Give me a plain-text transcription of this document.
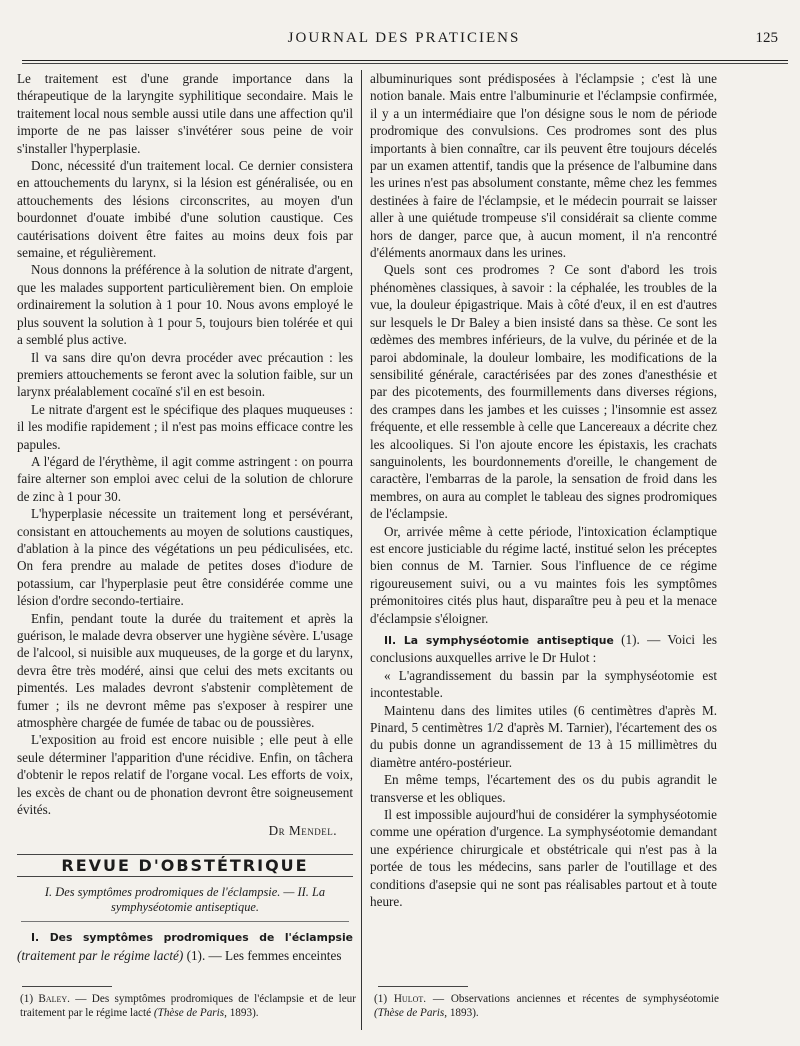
JOURNAL DES PRATICIENS	125

Le traitement est d'une grande importance dans la thérapeutique de la laryngite syphilitique secondaire. Mais le traitement local nous semble aussi utile dans une affection qu'il importe de ne pas laisser s'invétérer sous peine de voir s'installer l'hyperplasie.

Donc, nécessité d'un traitement local. Ce dernier consistera en attouchements du larynx, si la lésion est généralisée, ou en attouchements des lésions circonscrites, au moyen d'un bourdonnet d'ouate imbibé d'une solution caustique. Ces cautérisations doivent être faites au moins deux fois par semaine, et régulièrement.

Nous donnons la préférence à la solution de nitrate d'argent, que les malades supportent particulièrement bien. On emploie ordinairement la solution à 1 pour 10. Nous avons employé le plus souvent la solution à 1 pour 5, toujours bien tolérée et qui a semblé plus active.

Il va sans dire qu'on devra procéder avec précaution : les premiers attouchements se feront avec la solution faible, sur un larynx préalablement cocaïné s'il en est besoin.

Le nitrate d'argent est le spécifique des plaques muqueuses : il les modifie rapidement ; il n'est pas moins efficace contre les papules.

A l'égard de l'érythème, il agit comme astringent : on pourra faire alterner son emploi avec celui de la solution de chlorure de zinc à 1 pour 30.

L'hyperplasie nécessite un traitement long et persévérant, consistant en attouchements au moyen de solutions caustiques, d'ablation à la pince des végétations un peu pédiculisées, etc. On fera prendre au malade de petites doses d'iodure de potassium, car l'hyperplasie peut être considérée comme une lésion d'ordre secondo-tertiaire.

Enfin, pendant toute la durée du traitement et après la guérison, le malade devra observer une hygiène sévère. L'usage de l'alcool, si nuisible aux muqueuses, de la gorge et du larynx, devra être très modéré, ainsi que celui des mets excitants ou pimentés. Les malades devront s'abstenir complètement de fumer ; ils ne devront même pas s'exposer à respirer une atmosphère chargée de fumée de tabac ou de poussières.

L'exposition au froid est encore nuisible ; elle peut à elle seule déterminer l'apparition d'une récidive. Enfin, on tâchera d'obtenir le repos relatif de l'organe vocal. Les efforts de voix, les excès de chant ou de phonation devront être soigneusement évités.

Dr Mendel.
REVUE D'OBSTÉTRIQUE
I. Des symptômes prodromiques de l'éclampsie. — II. La symphyséotomie antiseptique.

I. Des symptômes prodromiques de l'éclampsie (traitement par le régime lacté) (1). — Les femmes enceintes

albuminuriques sont prédisposées à l'éclampsie ; c'est là une notion banale. Mais entre l'albuminurie et l'éclampsie confirmée, il y a un intermédiaire que l'on désigne sous le nom de période prodromique des convulsions. Ces prodromes sont des plus importants à bien connaître, car ils peuvent être toujours décelés par un examen attentif, tandis que la présence de l'albumine dans les urines n'est pas absolument constante, même chez les femmes destinées à faire de l'éclampsie, et le médecin pourrait se laisser aller à une quiétude trompeuse s'il considérait sa cliente comme hors de danger, parce que, à aucun moment, il n'a rencontré d'éléments anormaux dans les urines.

Quels sont ces prodromes ? Ce sont d'abord les trois phénomènes classiques, à savoir : la céphalée, les troubles de la vue, la douleur épigastrique. Mais à côté d'eux, il en est d'autres sur lesquels le Dr Baley a bien insisté dans sa thèse. Ce sont les œdèmes des membres inférieurs, de la vulve, du périnée et de la paroi abdominale, la douleur lombaire, les modifications de la sensibilité générale, caractérisées par des zones d'anesthésie et par des picotements, des fourmillements dans diverses régions, des crampes dans les jambes et les cuisses ; l'insomnie est assez fréquente, et elle ressemble à celle que Lancereaux a décrite chez les alcooliques. Si l'on ajoute encore les épistaxis, les crachats sanguinolents, les bourdonnements d'oreille, le changement de caractère, l'embarras de la parole, la sensation de froid dans les membres, on aura au complet le tableau des signes prodromiques de l'éclampsie.

Or, arrivée même à cette période, l'intoxication éclamptique est encore justiciable du régime lacté, institué selon les préceptes bien connus de M. Tarnier. Sous l'influence de ce régime rigoureusement suivi, ou a vu maintes fois les symptômes prémonitoires cités plus haut, disparaître peu à peu et la menace d'éclampsie s'éloigner.

II. La symphyséotomie antiseptique (1). — Voici les conclusions auxquelles arrive le Dr Hulot :

« L'agrandissement du bassin par la symphyséotomie est incontestable.

Maintenu dans des limites utiles (6 centimètres d'après M. Pinard, 5 centimètres 1/2 d'après M. Tarnier), l'écartement des os du pubis donne un agrandissement de 13 à 15 millimètres du diamètre antéro-postérieur.

En même temps, l'écartement des os du pubis agrandit le transverse et les obliques.

Il est impossible aujourd'hui de considérer la symphyséotomie comme une opération d'urgence. La symphyséotomie demandant une expérience chirurgicale et obstétricale qui n'est pas à la portée de tous les médecins, sans parler de l'outillage et des conditions d'asepsie qui ne sont pas réalisables partout et à toute heure.

(1) Baley. — Des symptômes prodromiques de l'éclampsie et de leur traitement par le régime lacté (Thèse de Paris, 1893).
(1) Hulot. — Observations anciennes et récentes de symphyséotomie (Thèse de Paris, 1893).
